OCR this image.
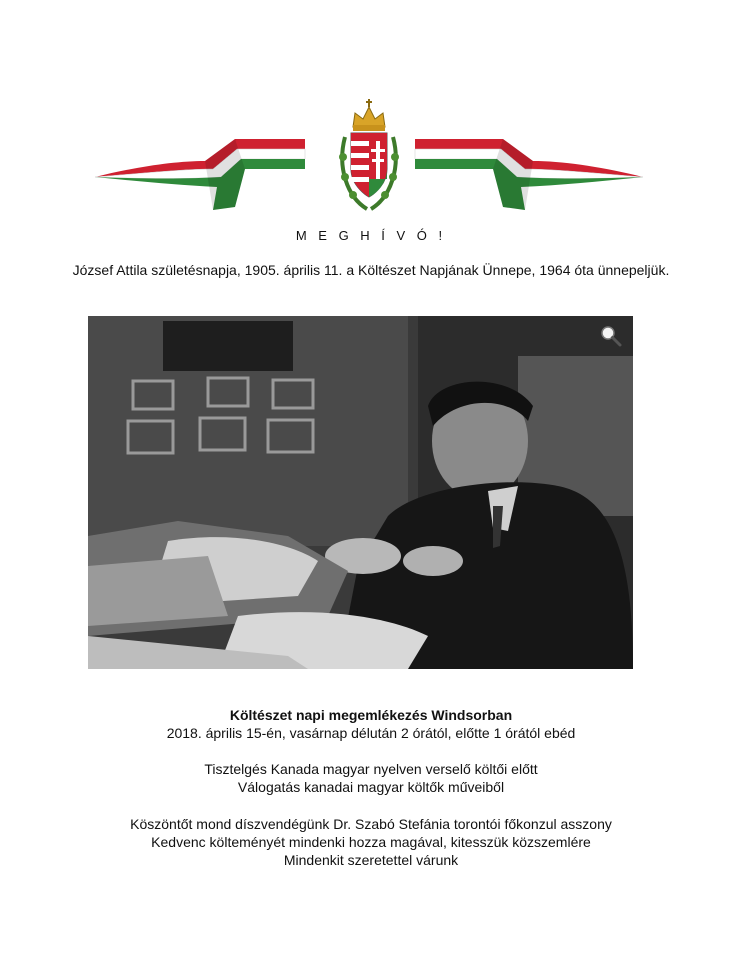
M E G H Í V Ó !
József Attila születésnapja, 1905. április 11. a Költészet Napjának Ünnepe, 1964 óta ünnepeljük.
Költészet napi megemlékezés Windsorban
2018. április 15-én, vasárnap délután 2 órától, előtte 1 órától ebéd
Tisztelgés Kanada magyar nyelven verselő költői előtt
Válogatás kanadai magyar költők műveiből
Köszöntőt mond díszvendégünk Dr. Szabó Stefánia torontói főkonzul asszony
Kedvenc költeményét mindenki hozza magával, kitesszük közszemlére
Mindenkit szeretettel várunk
